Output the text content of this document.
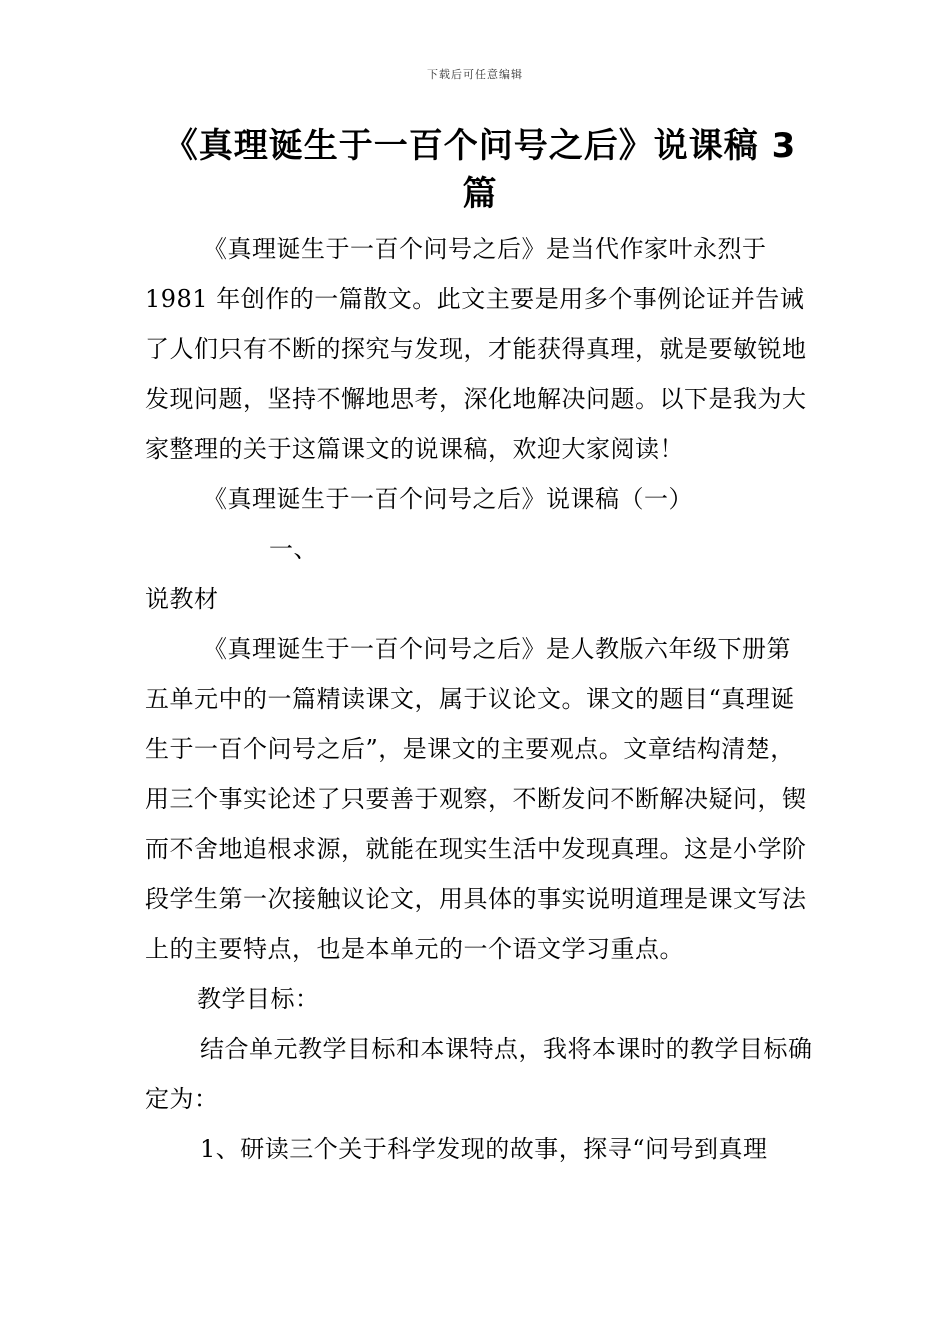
下载后可任意编辑
《真理诞生于一百个问号之后》说课稿 3 篇

《真理诞生于一百个问号之后》是当代作家叶永烈于 1981 年创作的一篇散文。此文主要是用多个事例论证并告诫了人们只有不断的探究与发现，才能获得真理，就是要敏锐地发现问题，坚持不懈地思考，深化地解决问题。以下是我为大家整理的关于这篇课文的说课稿，欢迎大家阅读！

《真理诞生于一百个问号之后》说课稿（一）一、

说教材

《真理诞生于一百个问号之后》是人教版六年级下册第五单元中的一篇精读课文，属于议论文。课文的题目“真理诞生于一百个问号之后”，是课文的主要观点。文章结构清楚，用三个事实论述了只要善于观察，不断发问不断解决疑问，锲而不舍地追根求源，就能在现实生活中发现真理。这是小学阶段学生第一次接触议论文，用具体的事实说明道理是课文写法上的主要特点，也是本单元的一个语文学习重点。

教学目标：

结合单元教学目标和本课特点，我将本课时的教学目标确定为：

1、研读三个关于科学发现的故事，探寻“问号到真理
